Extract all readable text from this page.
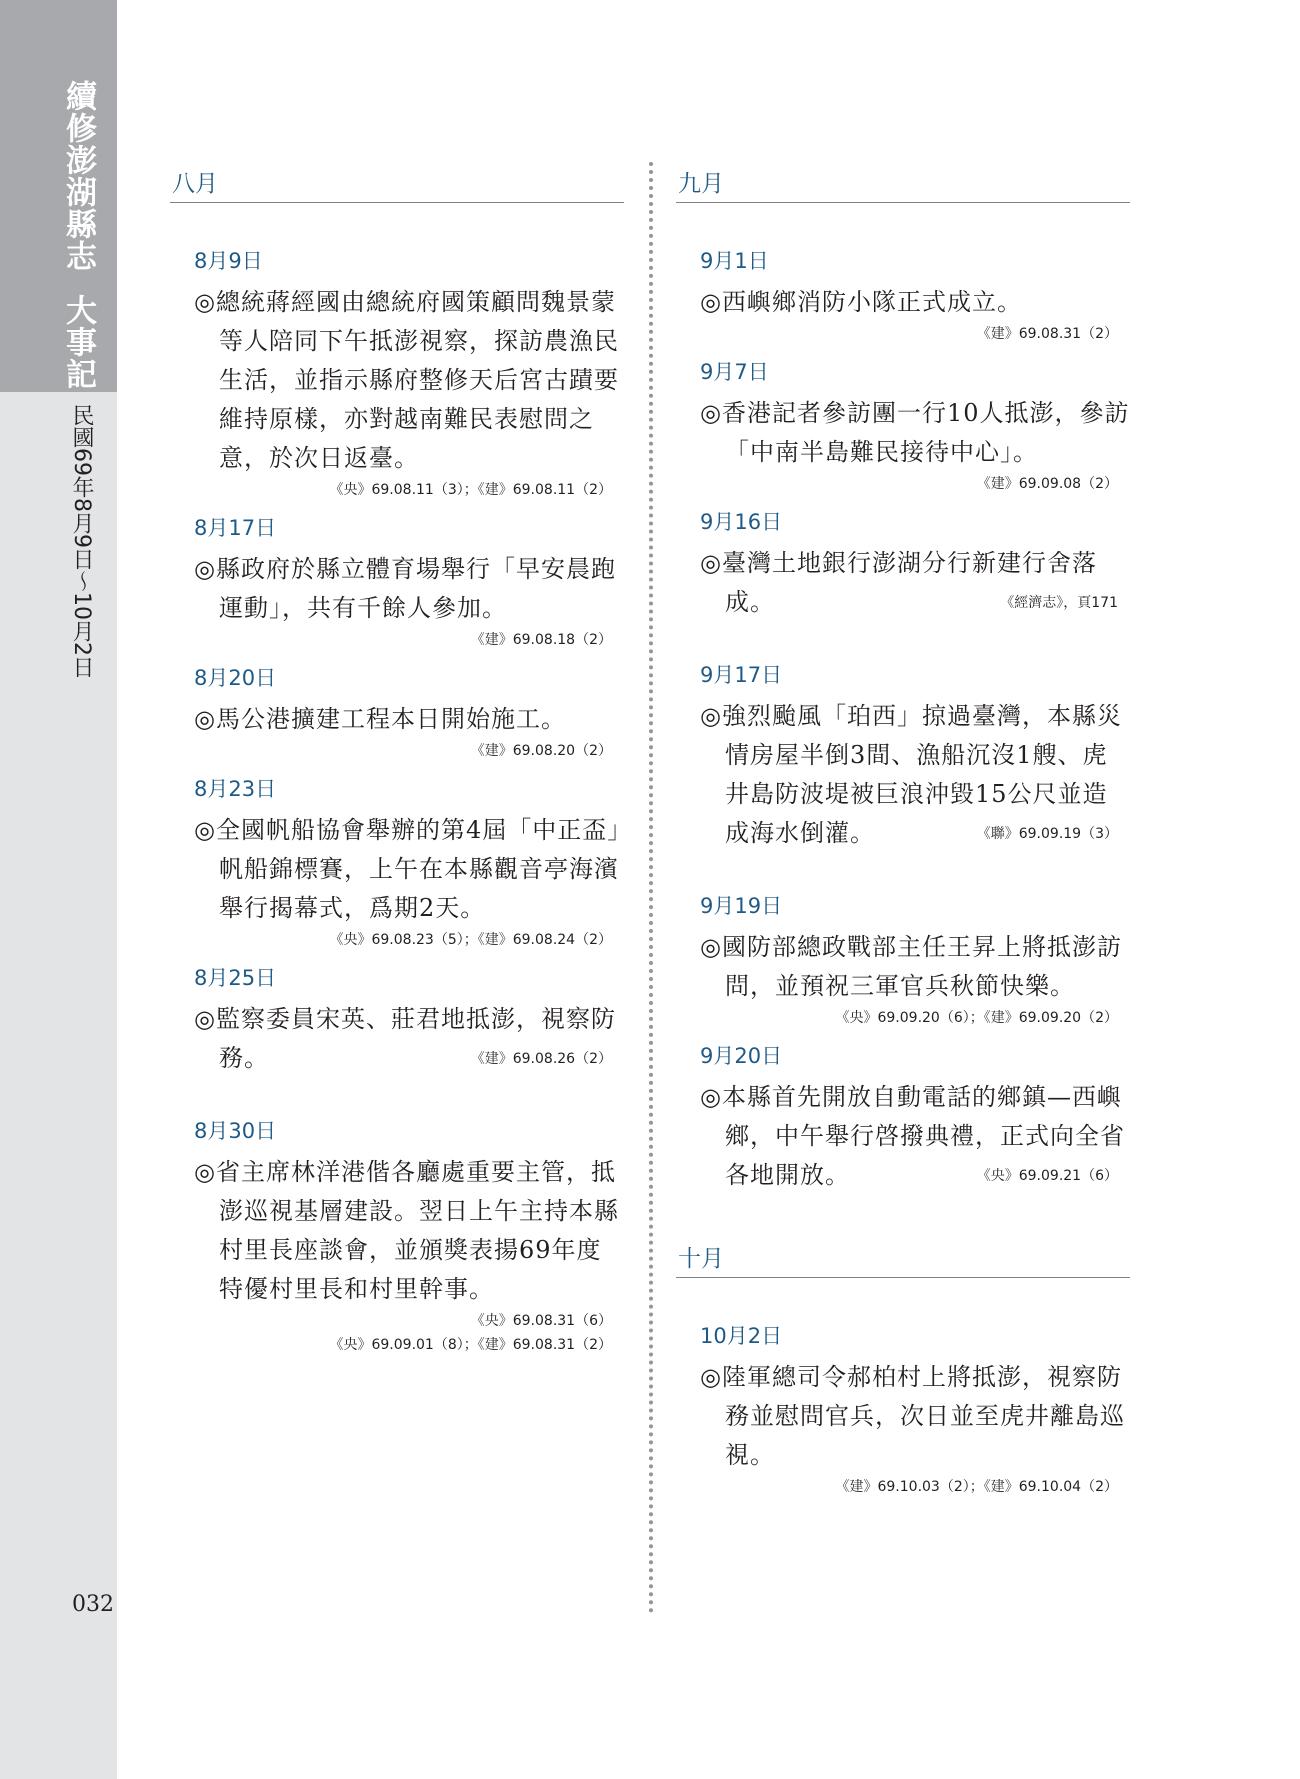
續修澎湖縣志大事記
民國69年8月9日〜10月2日
032
八月
8月9日
◎總統蔣經國由總統府國策顧問魏景蒙等人陪同下午抵澎視察，探訪農漁民生活，並指示縣府整修天后宮古蹟要維持原樣，亦對越南難民表慰問之意，於次日返臺。
《央》69.08.11（3）；《建》69.08.11（2）
8月17日
◎縣政府於縣立體育場舉行「早安晨跑運動」，共有千餘人參加。
《建》69.08.18（2）
8月20日
◎馬公港擴建工程本日開始施工。
《建》69.08.20（2）
8月23日
◎全國帆船協會舉辦的第4屆「中正盃」帆船錦標賽，上午在本縣觀音亭海濱舉行揭幕式，爲期2天。
《央》69.08.23（5）；《建》69.08.24（2）
8月25日
◎監察委員宋英、莊君地抵澎，視察防務。	《建》69.08.26（2）
8月30日
◎省主席林洋港偕各廳處重要主管，抵澎巡視基層建設。翌日上午主持本縣村里長座談會，並頒獎表揚69年度特優村里長和村里幹事。
《央》69.08.31（6）
《央》69.09.01（8）；《建》69.08.31（2）
九月
9月1日
◎西嶼鄉消防小隊正式成立。
《建》69.08.31（2）
9月7日
◎香港記者參訪團一行10人抵澎，參訪「中南半島難民接待中心」。
《建》69.09.08（2）
9月16日
◎臺灣土地銀行澎湖分行新建行舍落成。	《經濟志》，頁171
9月17日
◎強烈颱風「珀西」掠過臺灣，本縣災情房屋半倒3間、漁船沉沒1艘、虎井島防波堤被巨浪沖毀15公尺並造成海水倒灌。	《聯》69.09.19（3）
9月19日
◎國防部總政戰部主任王昇上將抵澎訪問，並預祝三軍官兵秋節快樂。
《央》69.09.20（6）；《建》69.09.20（2）
9月20日
◎本縣首先開放自動電話的鄉鎮—西嶼鄉，中午舉行啓撥典禮，正式向全省各地開放。	《央》69.09.21（6）
十月
10月2日
◎陸軍總司令郝柏村上將抵澎，視察防務並慰問官兵，次日並至虎井離島巡視。
《建》69.10.03（2）；《建》69.10.04（2）
